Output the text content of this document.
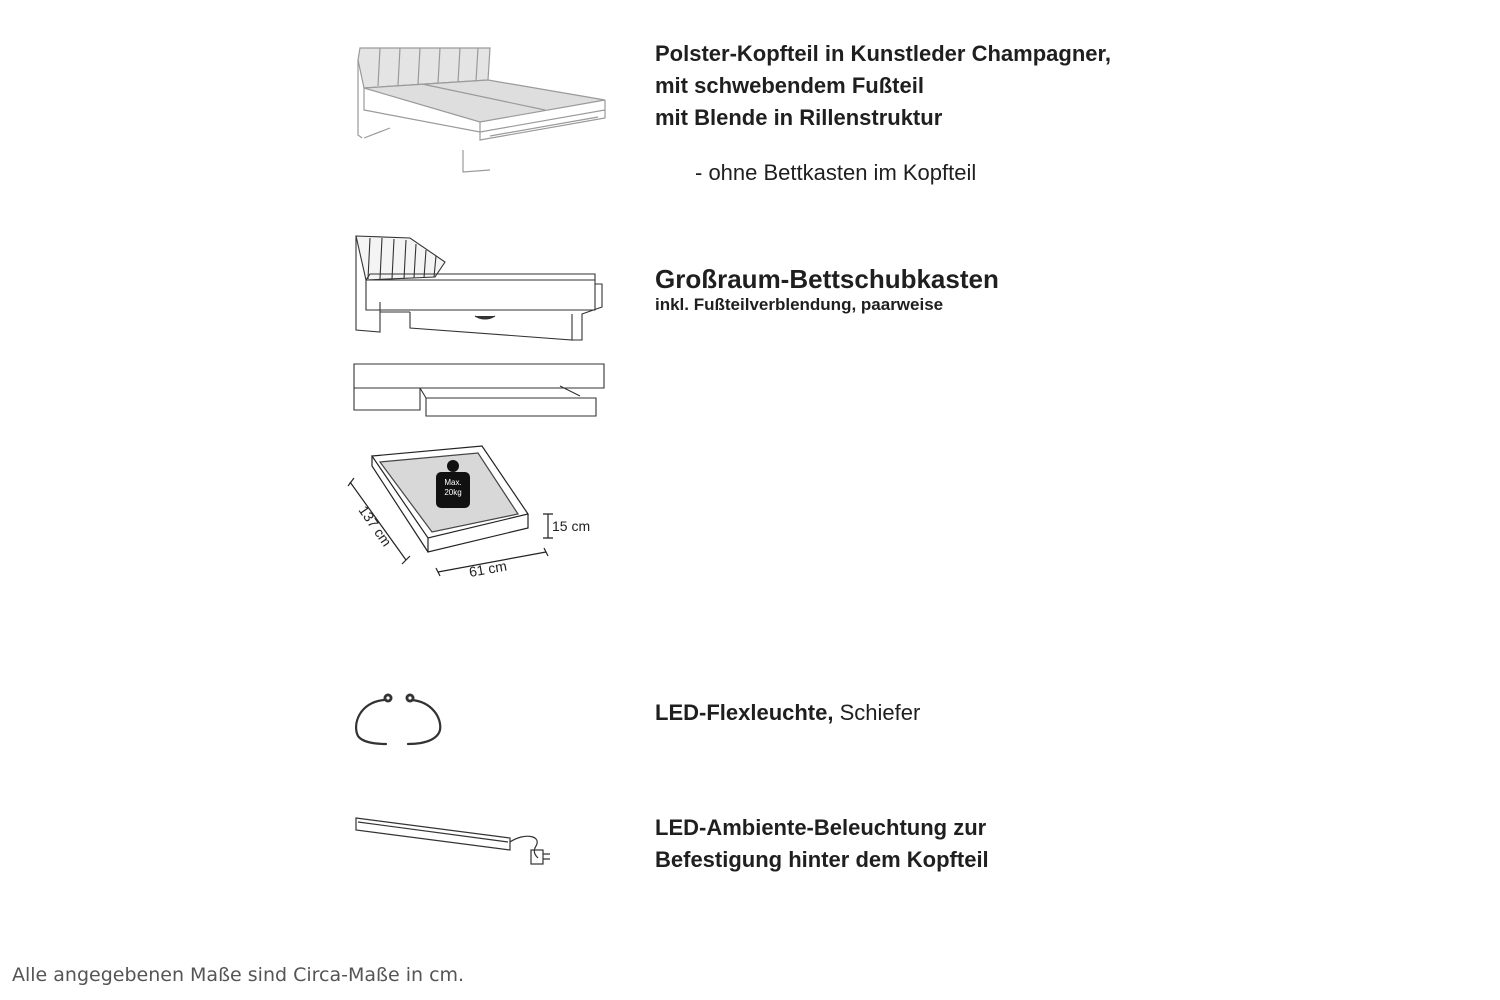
Polster-Kopfteil in Kunstleder Champagner,
mit schwebendem Fußteil
mit Blende in Rillenstruktur
- ohne Bettkasten im Kopfteil
Max.
20kg
137 cm
61 cm
15 cm
Großraum-Bettschubkasten
inkl. Fußteilverblendung, paarweise
LED-Flexleuchte, Schiefer
LED-Ambiente-Beleuchtung zur
Befestigung hinter dem Kopfteil
Alle angegebenen Maße sind Circa-Maße in cm.
